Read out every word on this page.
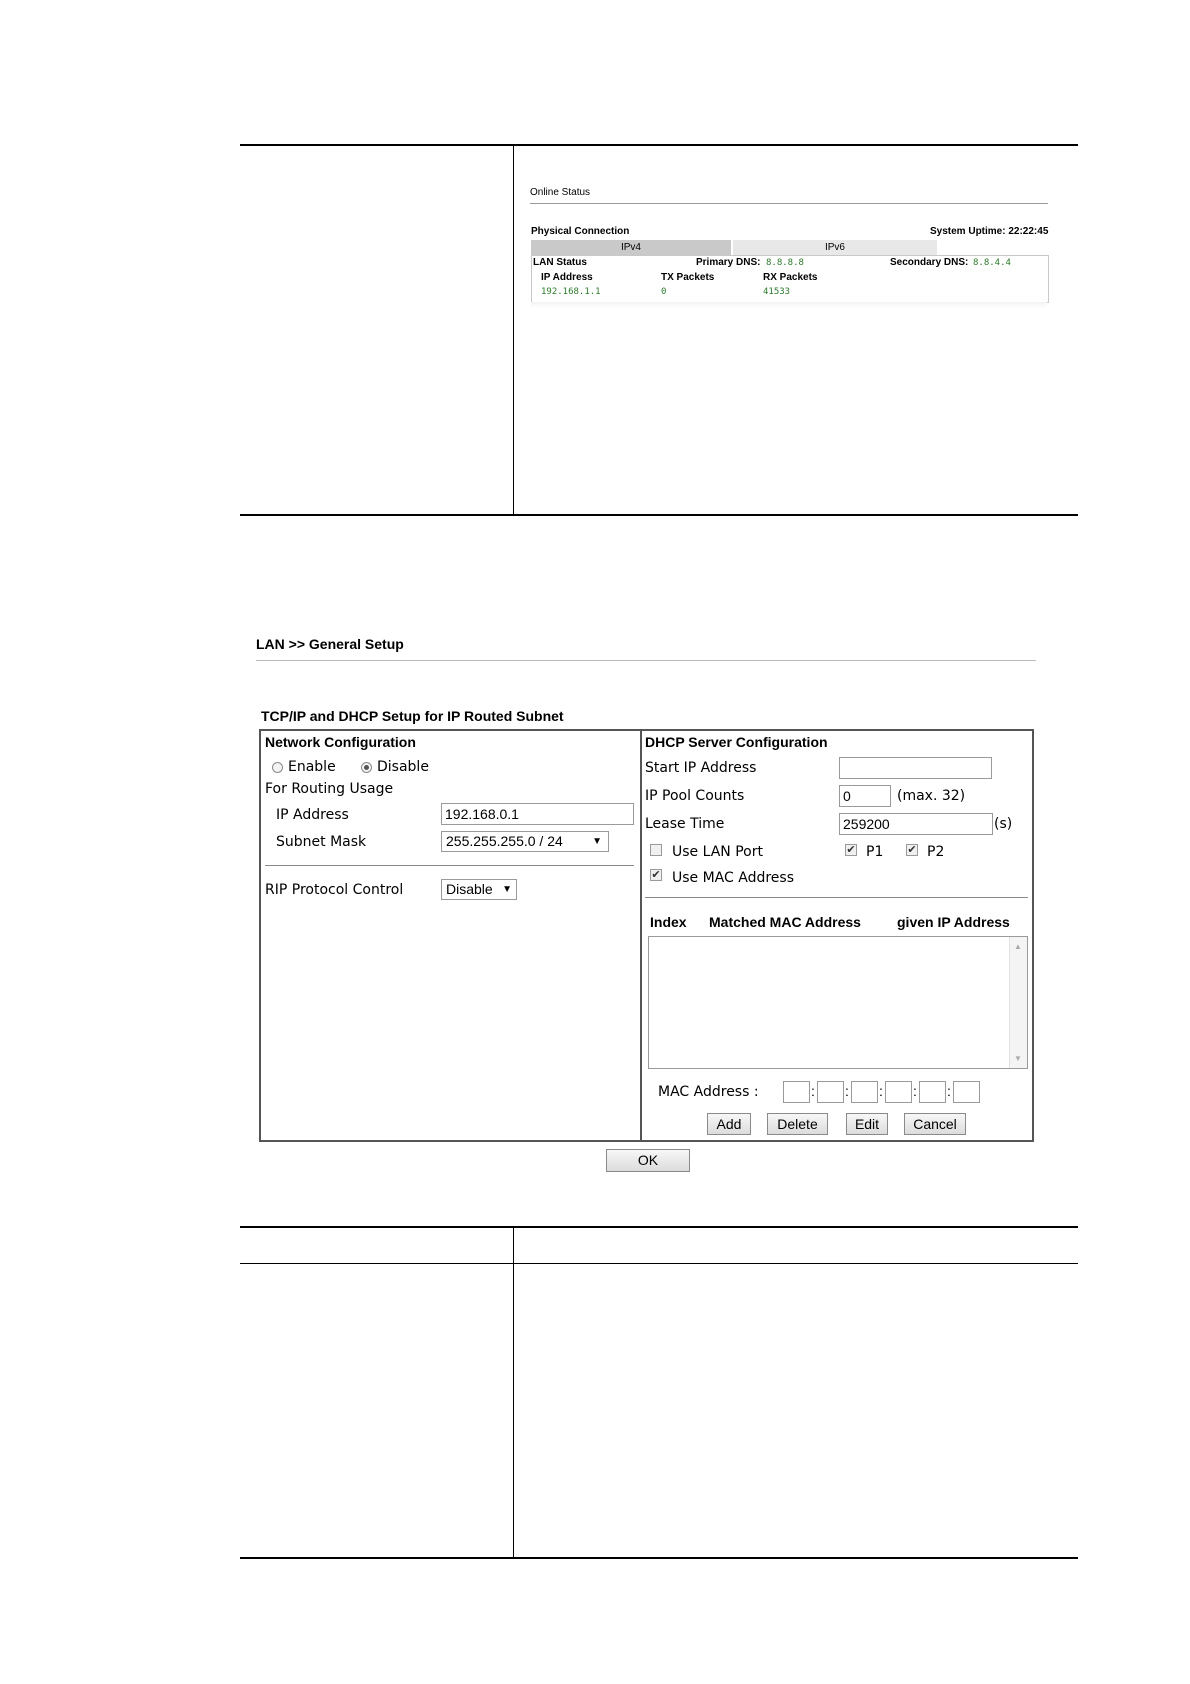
Online Status
Physical Connection	System Uptime: 22:22:45
IPv4	IPv6
LAN Status	Primary DNS: 8.8.8.8	Secondary DNS: 8.8.4.4
IP Address	TX Packets	RX Packets
192.168.1.1	0	41533
LAN >> General Setup
TCP/IP and DHCP Setup for IP Routed Subnet
Network Configuration
Enable	Disable
For Routing Usage
IP Address	192.168.0.1
Subnet Mask	255.255.255.0 / 24	▼
RIP Protocol Control	Disable ▼
DHCP Server Configuration
Start IP Address
IP Pool Counts	0	(max. 32)
Lease Time	259200	(s)
Use LAN Port	✔ P1 ✔ P2
✔ Use MAC Address
Index Matched MAC Address	given IP Address
▲
▼
MAC Address :	: : : : :
Add	Delete	Edit	Cancel
OK
